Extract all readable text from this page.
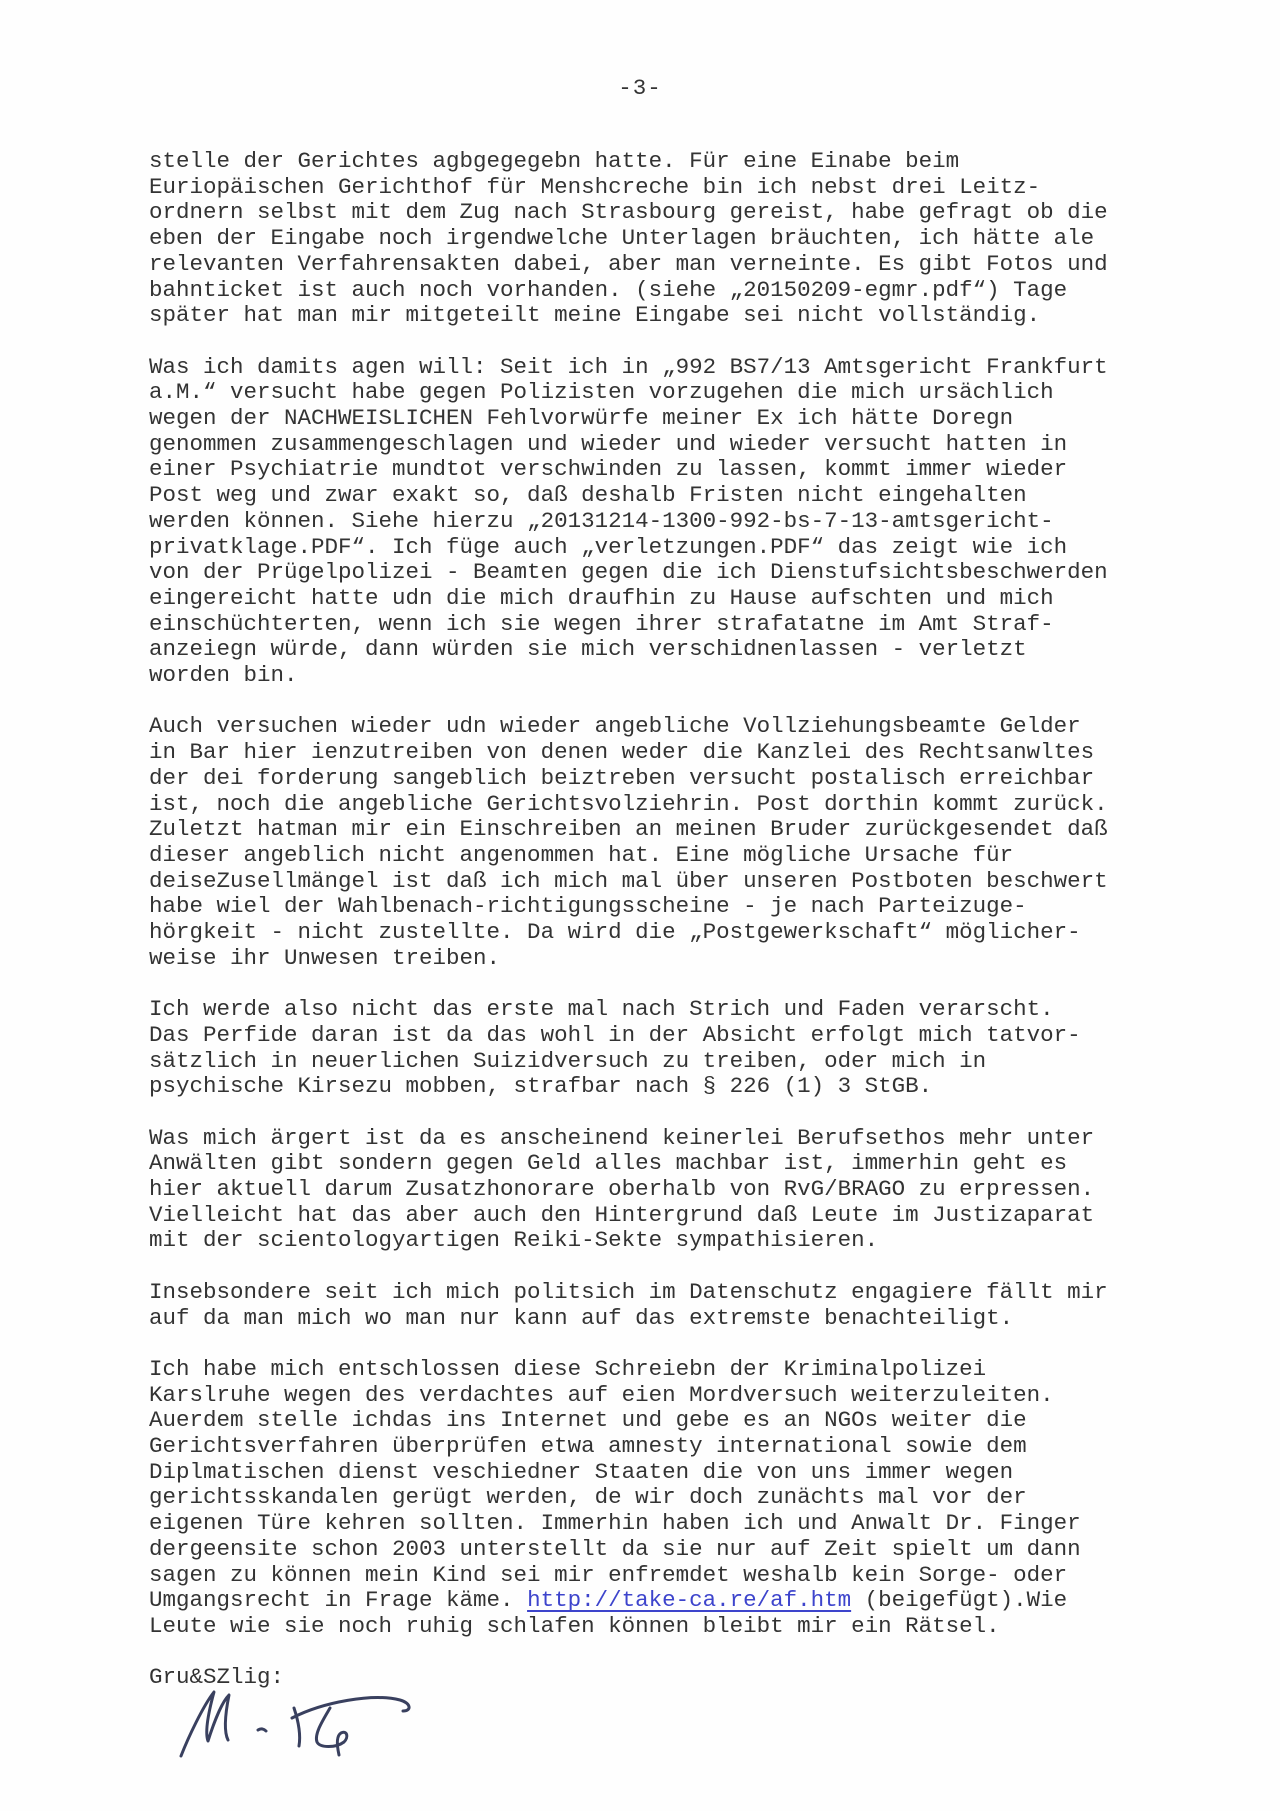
-3-
stelle der Gerichtes agbgegegebn hatte. Für eine Einabe beim
Euriopäischen Gerichthof für Menshcreche bin ich nebst drei Leitz-
ordnern selbst mit dem Zug nach Strasbourg gereist, habe gefragt ob die
eben der Eingabe noch irgendwelche Unterlagen bräuchten, ich hätte ale
relevanten Verfahrensakten dabei, aber man verneinte. Es gibt Fotos und
bahnticket ist auch noch vorhanden. (siehe „20150209-egmr.pdf“) Tage
später hat man mir mitgeteilt meine Eingabe sei nicht vollständig.
Was ich damits agen will: Seit ich in „992 BS7/13 Amtsgericht Frankfurt
a.M.“ versucht habe gegen Polizisten vorzugehen die mich ursächlich
wegen der NACHWEISLICHEN Fehlvorwürfe meiner Ex ich hätte Doregn
genommen zusammengeschlagen und wieder und wieder versucht hatten in
einer Psychiatrie mundtot verschwinden zu lassen, kommt immer wieder
Post weg und zwar exakt so, daß deshalb Fristen nicht eingehalten
werden können. Siehe hierzu „20131214-1300-992-bs-7-13-amtsgericht-
privatklage.PDF“. Ich füge auch „verletzungen.PDF“ das zeigt wie ich
von der Prügelpolizei - Beamten gegen die ich Dienstufsichtsbeschwerden
eingereicht hatte udn die mich draufhin zu Hause aufschten und mich
einschüchterten, wenn ich sie wegen ihrer strafatatne im Amt Straf-
anzeiegn würde, dann würden sie mich verschidnenlassen - verletzt
worden bin.
Auch versuchen wieder udn wieder angebliche Vollziehungsbeamte Gelder
in Bar hier ienzutreiben von denen weder die Kanzlei des Rechtsanwltes
der dei forderung sangeblich beiztreben versucht postalisch erreichbar
ist, noch die angebliche Gerichtsvolziehrin. Post dorthin kommt zurück.
Zuletzt hatman mir ein Einschreiben an meinen Bruder zurückgesendet daß
dieser angeblich nicht angenommen hat. Eine mögliche Ursache für
deiseZusellmängel ist daß ich mich mal über unseren Postboten beschwert
habe wiel der Wahlbenach-richtigungsscheine - je nach Parteizuge-
hörgkeit - nicht zustellte. Da wird die „Postgewerkschaft“ möglicher-
weise ihr Unwesen treiben.
Ich werde also nicht das erste mal nach Strich und Faden verarscht.
Das Perfide daran ist da das wohl in der Absicht erfolgt mich tatvor-
sätzlich in neuerlichen Suizidversuch zu treiben, oder mich in
psychische Kirsezu mobben, strafbar nach § 226 (1) 3 StGB.
Was mich ärgert ist da es anscheinend keinerlei Berufsethos mehr unter
Anwälten gibt sondern gegen Geld alles machbar ist, immerhin geht es
hier aktuell darum Zusatzhonorare oberhalb von RvG/BRAGO zu erpressen.
Vielleicht hat das aber auch den Hintergrund daß Leute im Justizaparat
mit der scientologyartigen Reiki-Sekte sympathisieren.
Insebsondere seit ich mich politsich im Datenschutz engagiere fällt mir
auf da man mich wo man nur kann auf das extremste benachteiligt.
Ich habe mich entschlossen diese Schreiebn der Kriminalpolizei
Karslruhe wegen des verdachtes auf eien Mordversuch weiterzuleiten.
Auerdem stelle ichdas ins Internet und gebe es an NGOs weiter die
Gerichtsverfahren überprüfen etwa amnesty international sowie dem
Diplmatischen dienst veschiedner Staaten die von uns immer wegen
gerichtsskandalen gerügt werden, de wir doch zunächts mal vor der
eigenen Türe kehren sollten. Immerhin haben ich und Anwalt Dr. Finger
dergeensite schon 2003 unterstellt da sie nur auf Zeit spielt um dann
sagen zu können mein Kind sei mir enfremdet weshalb kein Sorge- oder
Umgangsrecht in Frage käme. http://take-ca.re/af.htm (beigefügt).Wie
Leute wie sie noch ruhig schlafen können bleibt mir ein Rätsel.
Gru&SZlig:
